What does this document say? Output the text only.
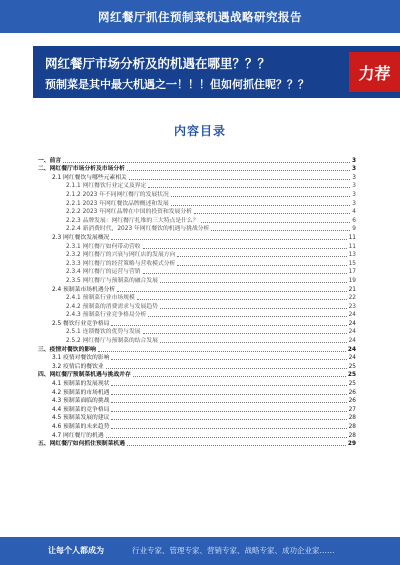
网红餐厅抓住预制菜机遇战略研究报告
网红餐厅市场分析及的机遇在哪里？？？
预制菜是其中最大机遇之一！！！但如何抓住呢？？？
力荐
内容目录
一、前言	3
二、网红餐厅市场分析及市场分析	3
2.1 网红餐饮与哪些元素相关	3
2.1.1 网红餐饮行业定义及界定	3
2.1.2 2023 年不同网红餐厅的发展状况	3
2.2.1 2023 年网红餐饮品牌概述和发展	3
2.2.2 2023 年网红品牌在中国的投资和发展分析	4
2.2.3 品牌发展：网红餐厅扎堆的三大特点是什么？	6
2.2.4 新消费时代，2023 年网红餐饮的机遇与挑战分析	9
2.3 网红餐饮发展概况	11
2.3.1 网红餐厅如何带动营收	11
2.3.2 网红餐厅的兴衰与网红店的发展方向	13
2.3.3 网红餐厅的经营策略与营收模式分析	15
2.3.4 网红餐厅的运营与营销	17
2.3.5 网红餐厅与预制菜的融合发展	19
2.4 预制菜市场机遇分析	21
2.4.1 预制菜行业市场规模	22
2.4.2 预制菜的消费需求与发展趋势	23
2.4.3 预制菜行业竞争格局分析	24
2.5 餐饮行业竞争格局	24
2.5.1 连锁餐饮的优势与发展	24
2.5.2 网红餐厅与预制菜的结合发展	24
三、疫情对餐饮的影响	24
3.1 疫情对餐饮的影响	24
3.2 疫情后的餐饮业	25
四、网红餐厅预制菜机遇与挑战并存	25
4.1 预制菜的发展现状	25
4.2 预制菜的市场机遇	26
4.3 预制菜面临的挑战	26
4.4 预制菜的竞争格局	27
4.5 预制菜发展的建议	28
4.6 预制菜的未来趋势	28
4.7 网红餐厅的机遇	28
五、网红餐厅如何抓住预制菜机遇	29
让每个人都成为	行业专家、管理专家、营销专家、战略专家、成功企业家……
